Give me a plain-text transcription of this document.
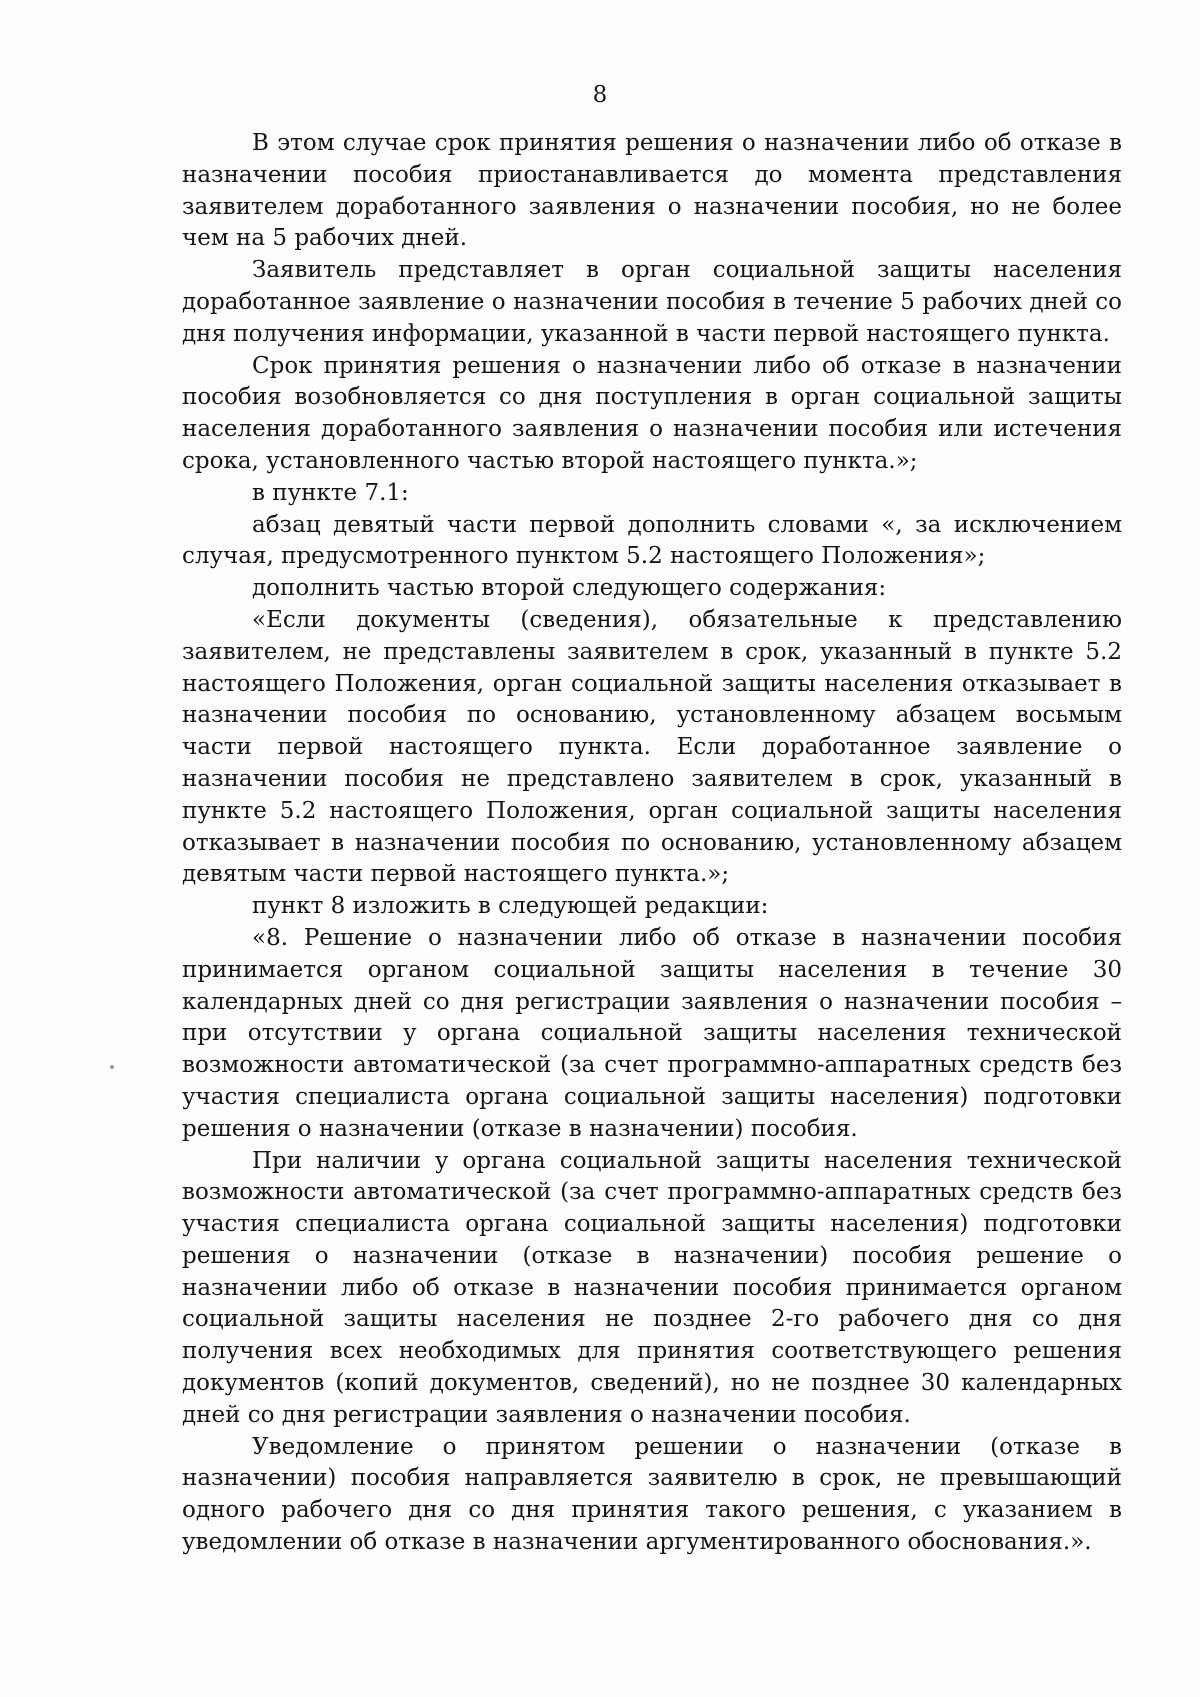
8

В этом случае срок принятия решения о назначении либо об отказе в назначении пособия приостанавливается до момента представления заявителем доработанного заявления о назначении пособия, но не более чем на 5 рабочих дней.

Заявитель представляет в орган социальной защиты населения доработанное заявление о назначении пособия в течение 5 рабочих дней со дня получения информации, указанной в части первой настоящего пункта.

Срок принятия решения о назначении либо об отказе в назначении пособия возобновляется со дня поступления в орган социальной защиты населения доработанного заявления о назначении пособия или истечения срока, установленного частью второй настоящего пункта.»;

в пункте 7.1:

абзац девятый части первой дополнить словами «, за исключением случая, предусмотренного пунктом 5.2 настоящего Положения»;

дополнить частью второй следующего содержания:

«Если документы (сведения), обязательные к представлению заявителем, не представлены заявителем в срок, указанный в пункте 5.2 настоящего Положения, орган социальной защиты населения отказывает в назначении пособия по основанию, установленному абзацем восьмым части первой настоящего пункта. Если доработанное заявление о назначении пособия не представлено заявителем в срок, указанный в пункте 5.2 настоящего Положения, орган социальной защиты населения отказывает в назначении пособия по основанию, установленному абзацем девятым части первой настоящего пункта.»;

пункт 8 изложить в следующей редакции:

«8. Решение о назначении либо об отказе в назначении пособия принимается органом социальной защиты населения в течение 30 календарных дней со дня регистрации заявления о назначении пособия – при отсутствии у органа социальной защиты населения технической возможности автоматической (за счет программно-аппаратных средств без участия специалиста органа социальной защиты населения) подготовки решения о назначении (отказе в назначении) пособия.

При наличии у органа социальной защиты населения технической возможности автоматической (за счет программно-аппаратных средств без участия специалиста органа социальной защиты населения) подготовки решения о назначении (отказе в назначении) пособия решение о назначении либо об отказе в назначении пособия принимается органом социальной защиты населения не позднее 2-го рабочего дня со дня получения всех необходимых для принятия соответствующего решения документов (копий документов, сведений), но не позднее 30 календарных дней со дня регистрации заявления о назначении пособия.

Уведомление о принятом решении о назначении (отказе в назначении) пособия направляется заявителю в срок, не превышающий одного рабочего дня со дня принятия такого решения, с указанием в уведомлении об отказе в назначении аргументированного обоснования.».
